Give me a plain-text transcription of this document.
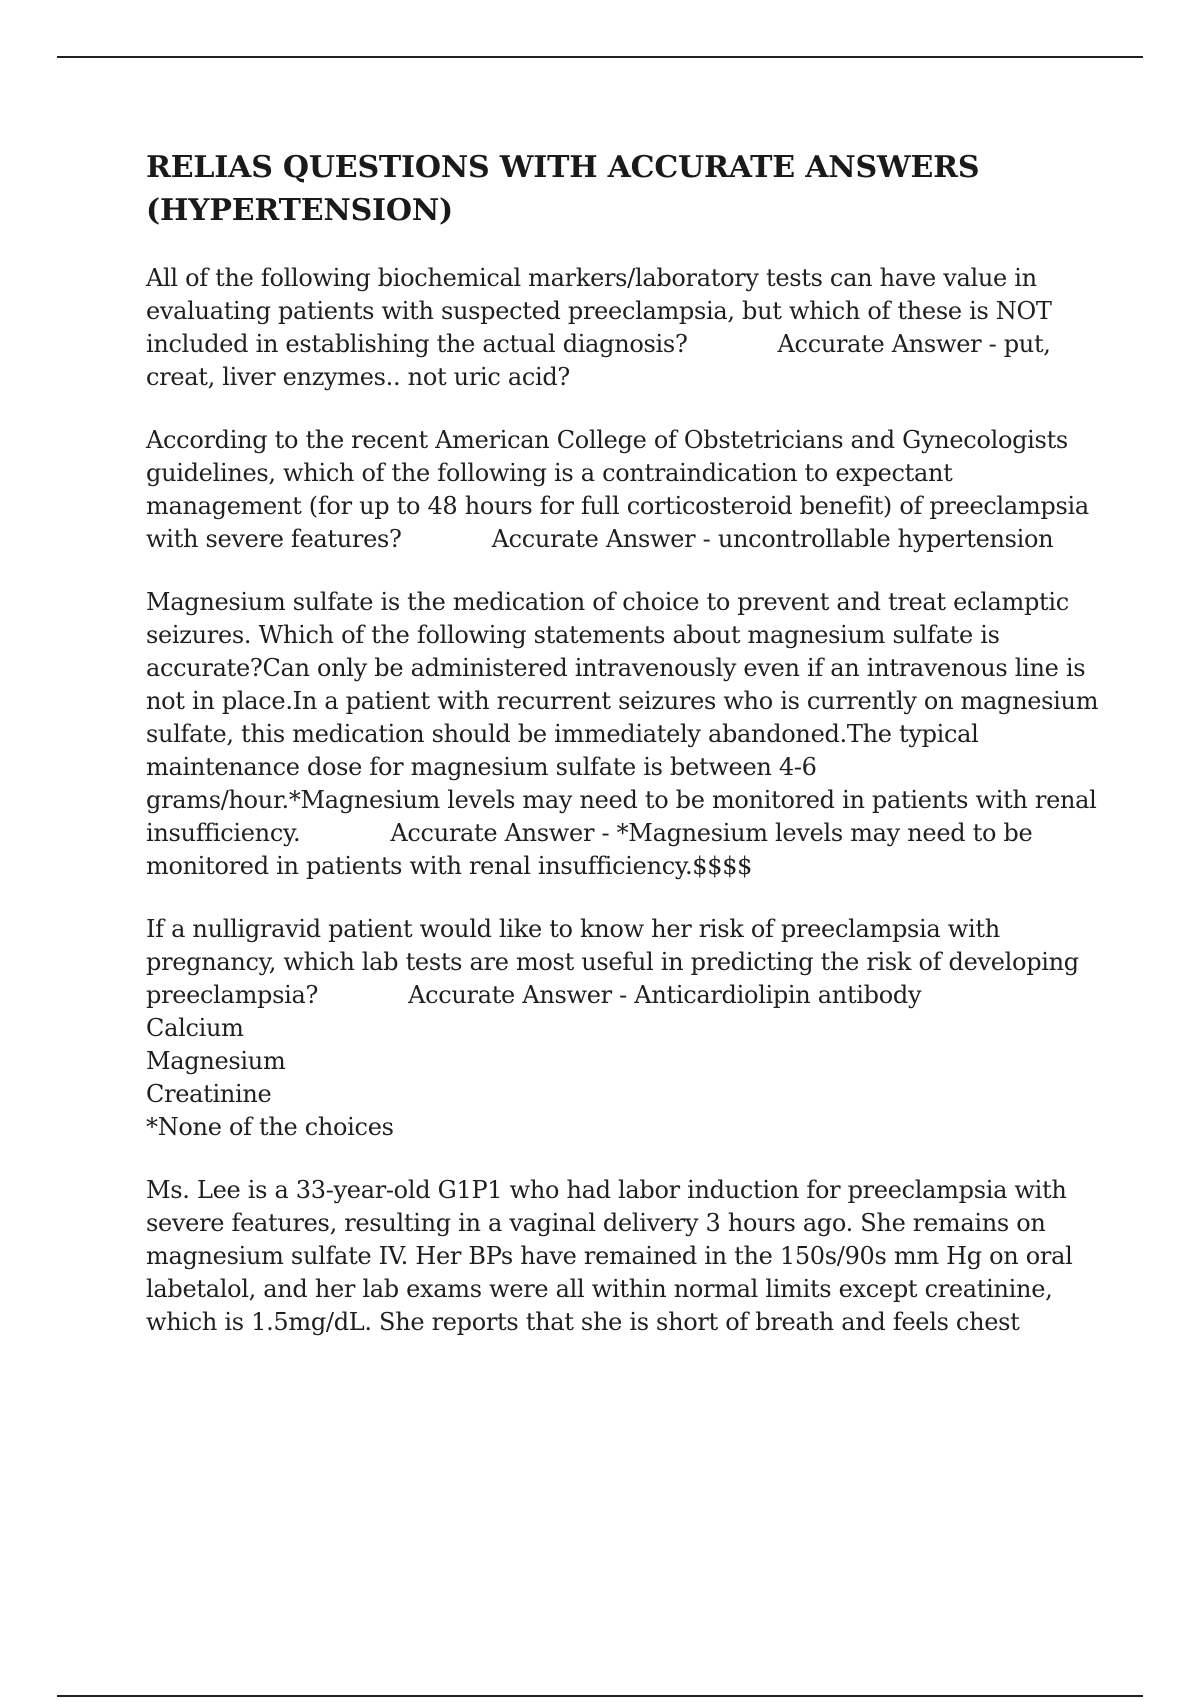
RELIAS QUESTIONS WITH ACCURATE ANSWERS (HYPERTENSION)

All of the following biochemical markers/laboratory tests can have value in evaluating patients with suspected preeclampsia, but which of these is NOT included in establishing the actual diagnosis?	Accurate Answer - put, creat, liver enzymes.. not uric acid?

According to the recent American College of Obstetricians and Gynecologists guidelines, which of the following is a contraindication to expectant management (for up to 48 hours for full corticosteroid benefit) of preeclampsia with severe features?	Accurate Answer - uncontrollable hypertension

Magnesium sulfate is the medication of choice to prevent and treat eclamptic seizures. Which of the following statements about magnesium sulfate is accurate?Can only be administered intravenously even if an intravenous line is not in place.In a patient with recurrent seizures who is currently on magnesium sulfate, this medication should be immediately abandoned.The typical maintenance dose for magnesium sulfate is between 4-6 grams/hour.*Magnesium levels may need to be monitored in patients with renal insufficiency.	Accurate Answer - *Magnesium levels may need to be monitored in patients with renal insufficiency.$$$$

If a nulligravid patient would like to know her risk of preeclampsia with pregnancy, which lab tests are most useful in predicting the risk of developing preeclampsia?	Accurate Answer - Anticardiolipin antibody
Calcium
Magnesium
Creatinine
*None of the choices

Ms. Lee is a 33-year-old G1P1 who had labor induction for preeclampsia with severe features, resulting in a vaginal delivery 3 hours ago. She remains on magnesium sulfate IV. Her BPs have remained in the 150s/90s mm Hg on oral labetalol, and her lab exams were all within normal limits except creatinine, which is 1.5mg/dL. She reports that she is short of breath and feels chest
